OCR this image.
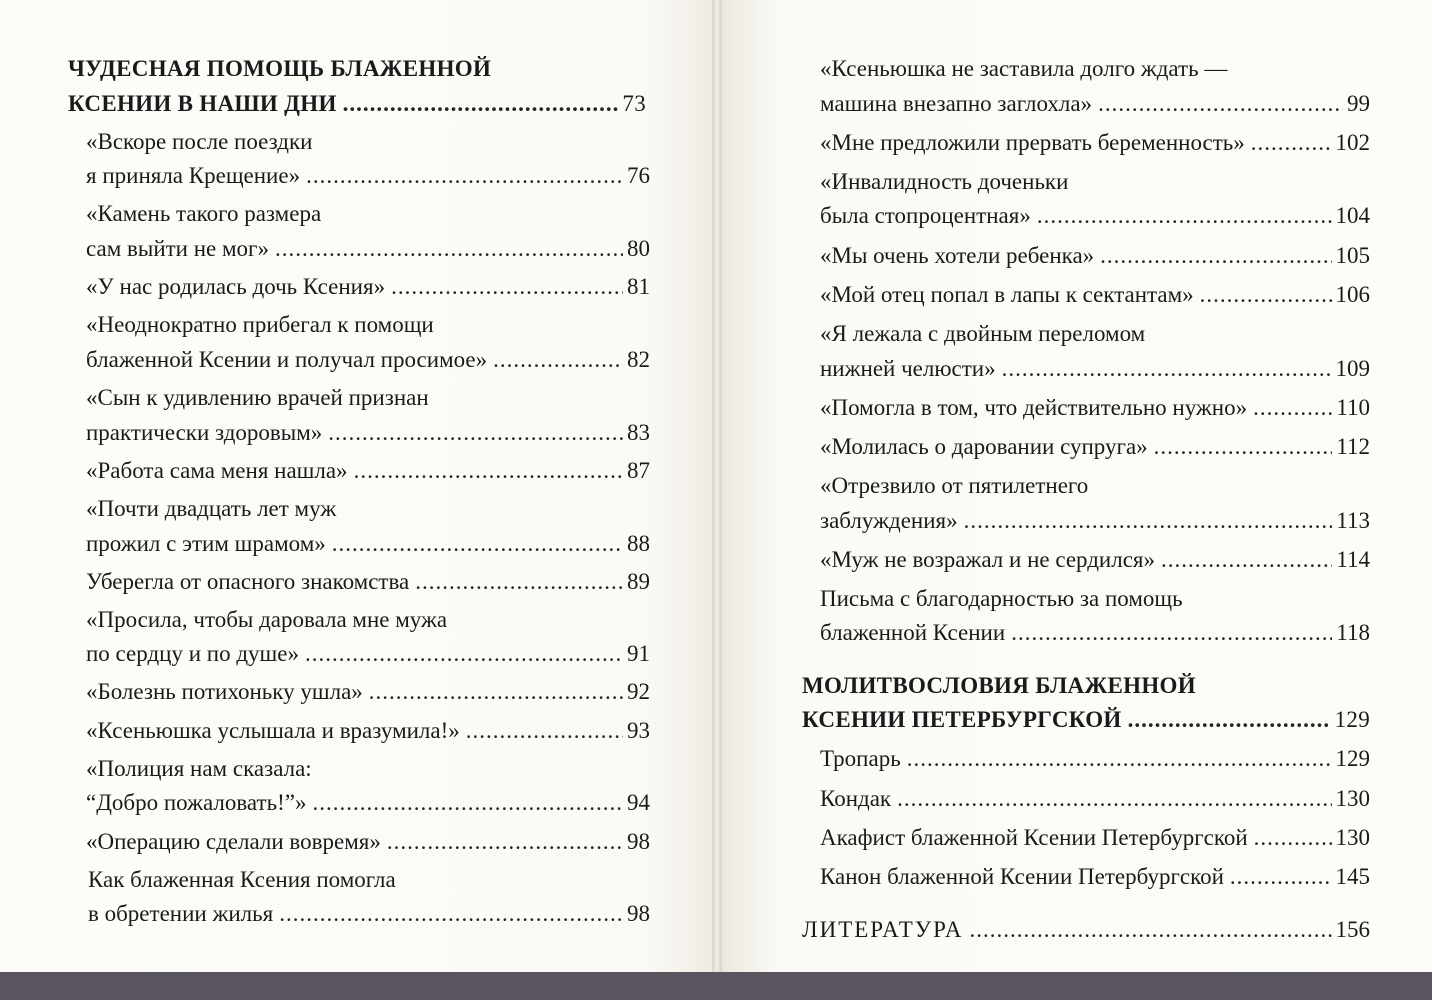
ЧУДЕСНАЯ ПОМОЩЬ БЛАЖЕННОЙ
КСЕНИИ В НАШИ ДНИ .....	73
«Вскоре после поездки
я приняла Крещение» .....	76
«Камень такого размера
сам выйти не мог» .....	80
«У нас родилась дочь Ксения» .....	81
«Неоднократно прибегал к помощи
блаженной Ксении и получал просимое» .....	82
«Сын к удивлению врачей признан
практически здоровым» .....	83
«Работа сама меня нашла» .....	87
«Почти двадцать лет муж
прожил с этим шрамом» .....	88
Уберегла от опасного знакомства .....	89
«Просила, чтобы даровала мне мужа
по сердцу и по душе» .....	91
«Болезнь потихоньку ушла» .....	92
«Ксеньюшка услышала и вразумила!» .....	93
«Полиция нам сказала:
“Добро пожаловать!”» .....	94
«Операцию сделали вовремя» .....	98
Как блаженная Ксения помогла
в обретении жилья .....	98
«Ксеньюшка не заставила долго ждать —
машина внезапно заглохла» .....	99
«Мне предложили прервать беременность» .....	102
«Инвалидность доченьки
была стопроцентная» .....	104
«Мы очень хотели ребенка» .....	105
«Мой отец попал в лапы к сектантам» .....	106
«Я лежала с двойным переломом
нижней челюсти» .....	109
«Помогла в том, что действительно нужно» .....	110
«Молилась о даровании супруга» .....	112
«Отрезвило от пятилетнего
заблуждения» .....	113
«Муж не возражал и не сердился» .....	114
Письма с благодарностью за помощь
блаженной Ксении .....	118
МОЛИТВОСЛОВИЯ БЛАЖЕННОЙ
КСЕНИИ ПЕТЕРБУРГСКОЙ .....	129
Тропарь .....	129
Кондак .....	130
Акафист блаженной Ксении Петербургской .....	130
Канон блаженной Ксении Петербургской .....	145
ЛИТЕРАТУРА .....	156
